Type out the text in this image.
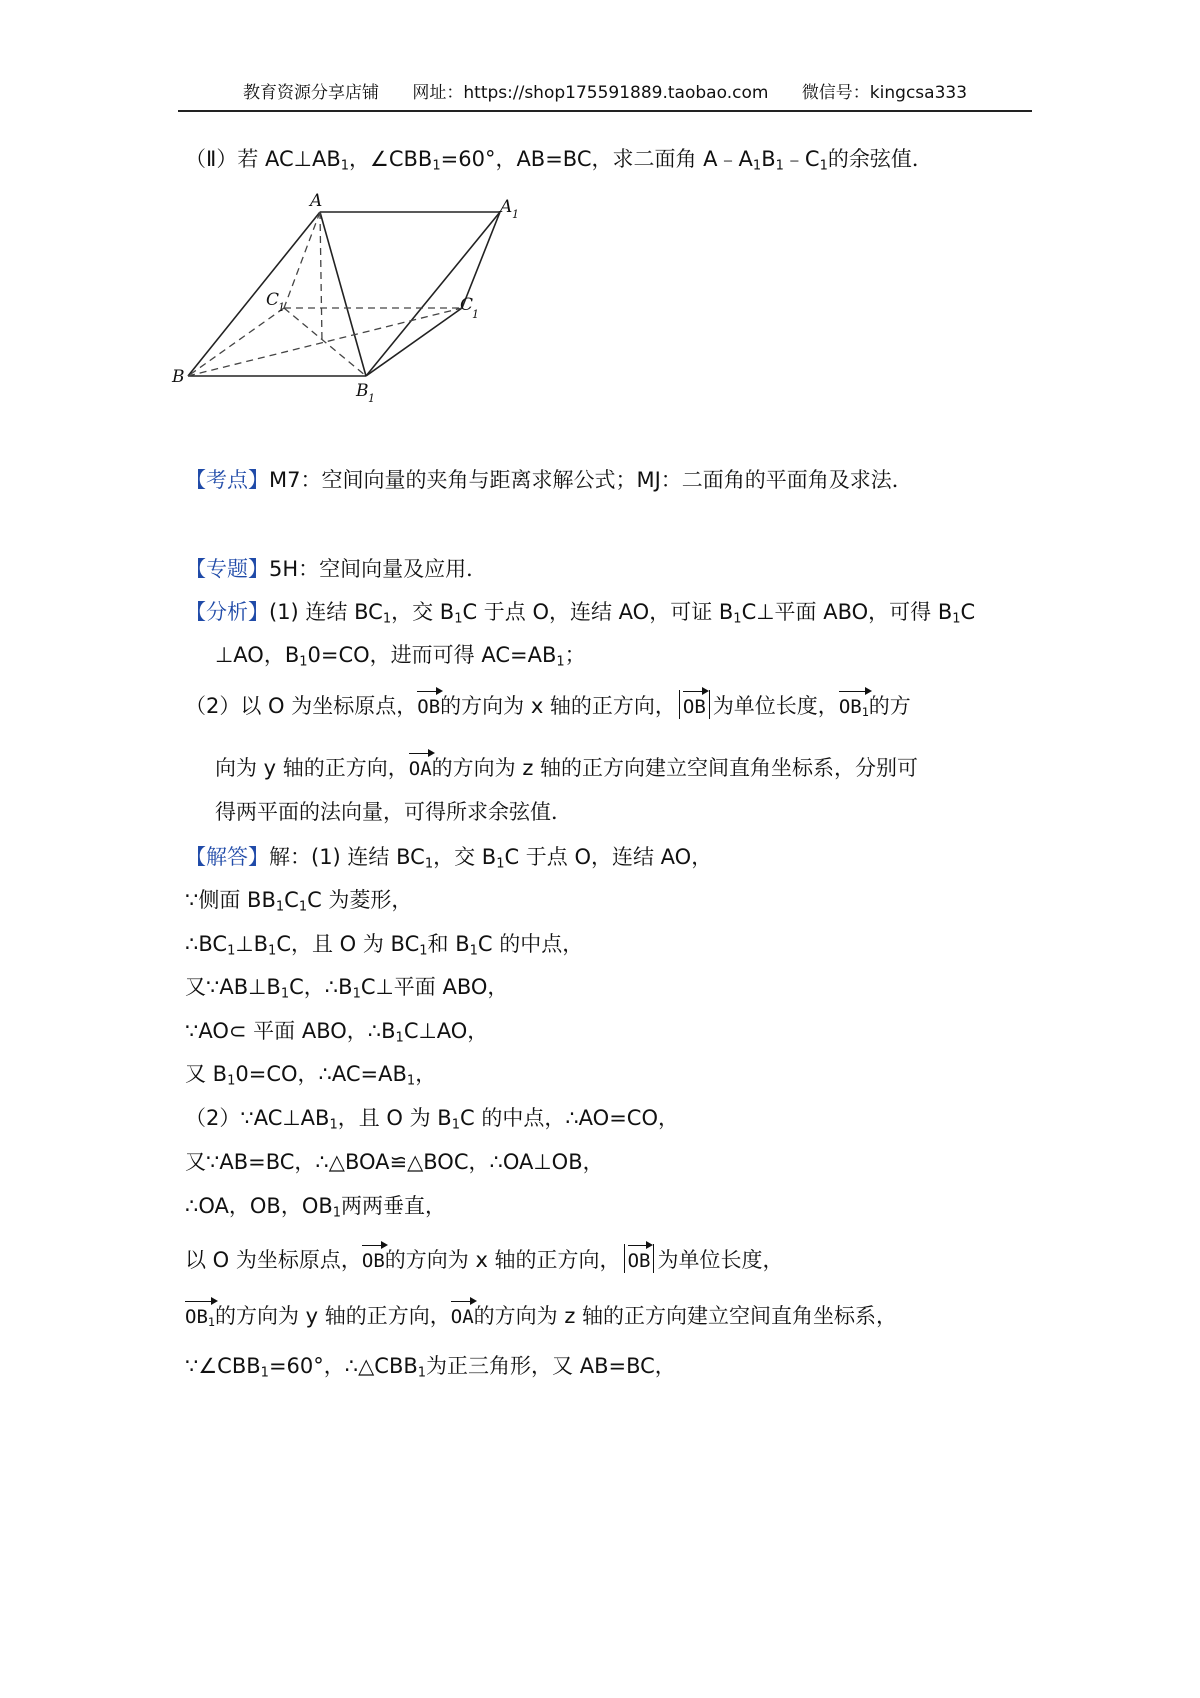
教育资源分享店铺 网址：https://shop175591889.taobao.com 微信号：kingcsa333
（Ⅱ）若 $AC\perp AB_1$，$\angle CBB_1=60^\circ$，AB=BC，求二面角 $A﹣A_1B_1﹣C_1$的余弦值．
A	A 1
C
1	C
1
B
B 1
【考点】M7：空间向量的夹角与距离求解公式；MJ：二面角的平面角及求法．
【专题】5H：空间向量及应用．
【分析】(1) 连结 $BC_1$，交 $B_1C$ 于点 O，连结 AO，可证 $B_1C\perp$平面 ABO，可得 $B_1C$
⊥AO，$B_10=CO$，进而可得 $AC=AB_1$；
（2）以 O 为坐标原点，OB的方向为 x 轴的正方向， OB 为单位长度，$OB_1$的方
向为 y 轴的正方向，OA的方向为 z 轴的正方向建立空间直角坐标系，分别可
得两平面的法向量，可得所求余弦值．
【解答】解：(1) 连结 $BC_1$，交 $B_1C$ 于点 O，连结 AO，
∵侧面 $BB_1C_1C$ 为菱形，
$\therefore BC_1\perp B_1C$，且 O 为 $BC_1$和 $B_1C$ 的中点，
又$\because AB\perp B_1C$，$\therefore B_1C\perp$平面 ABO，
∵AO⊂ 平面 ABO，$\therefore B_1C\perp AO$，
又 $B_10=CO$，$\therefore AC=AB_1$，
$(2)\because AC\perp AB_1$，且 O 为 $B_1C$ 的中点，∴AO=CO，
又∵AB=BC，∴△BOA≌△BOC，∴OA⊥OB，
∴OA，OB，$OB_1$两两垂直，
以 O 为坐标原点，OB的方向为 x 轴的正方向， OB 为单位长度，
$OB_1$的方向为 y 轴的正方向，OA的方向为 z 轴的正方向建立空间直角坐标系，
$\because\angle CBB_1=60^\circ$，$\therefore\triangle CBB_1$为正三角形，又 AB=BC，
